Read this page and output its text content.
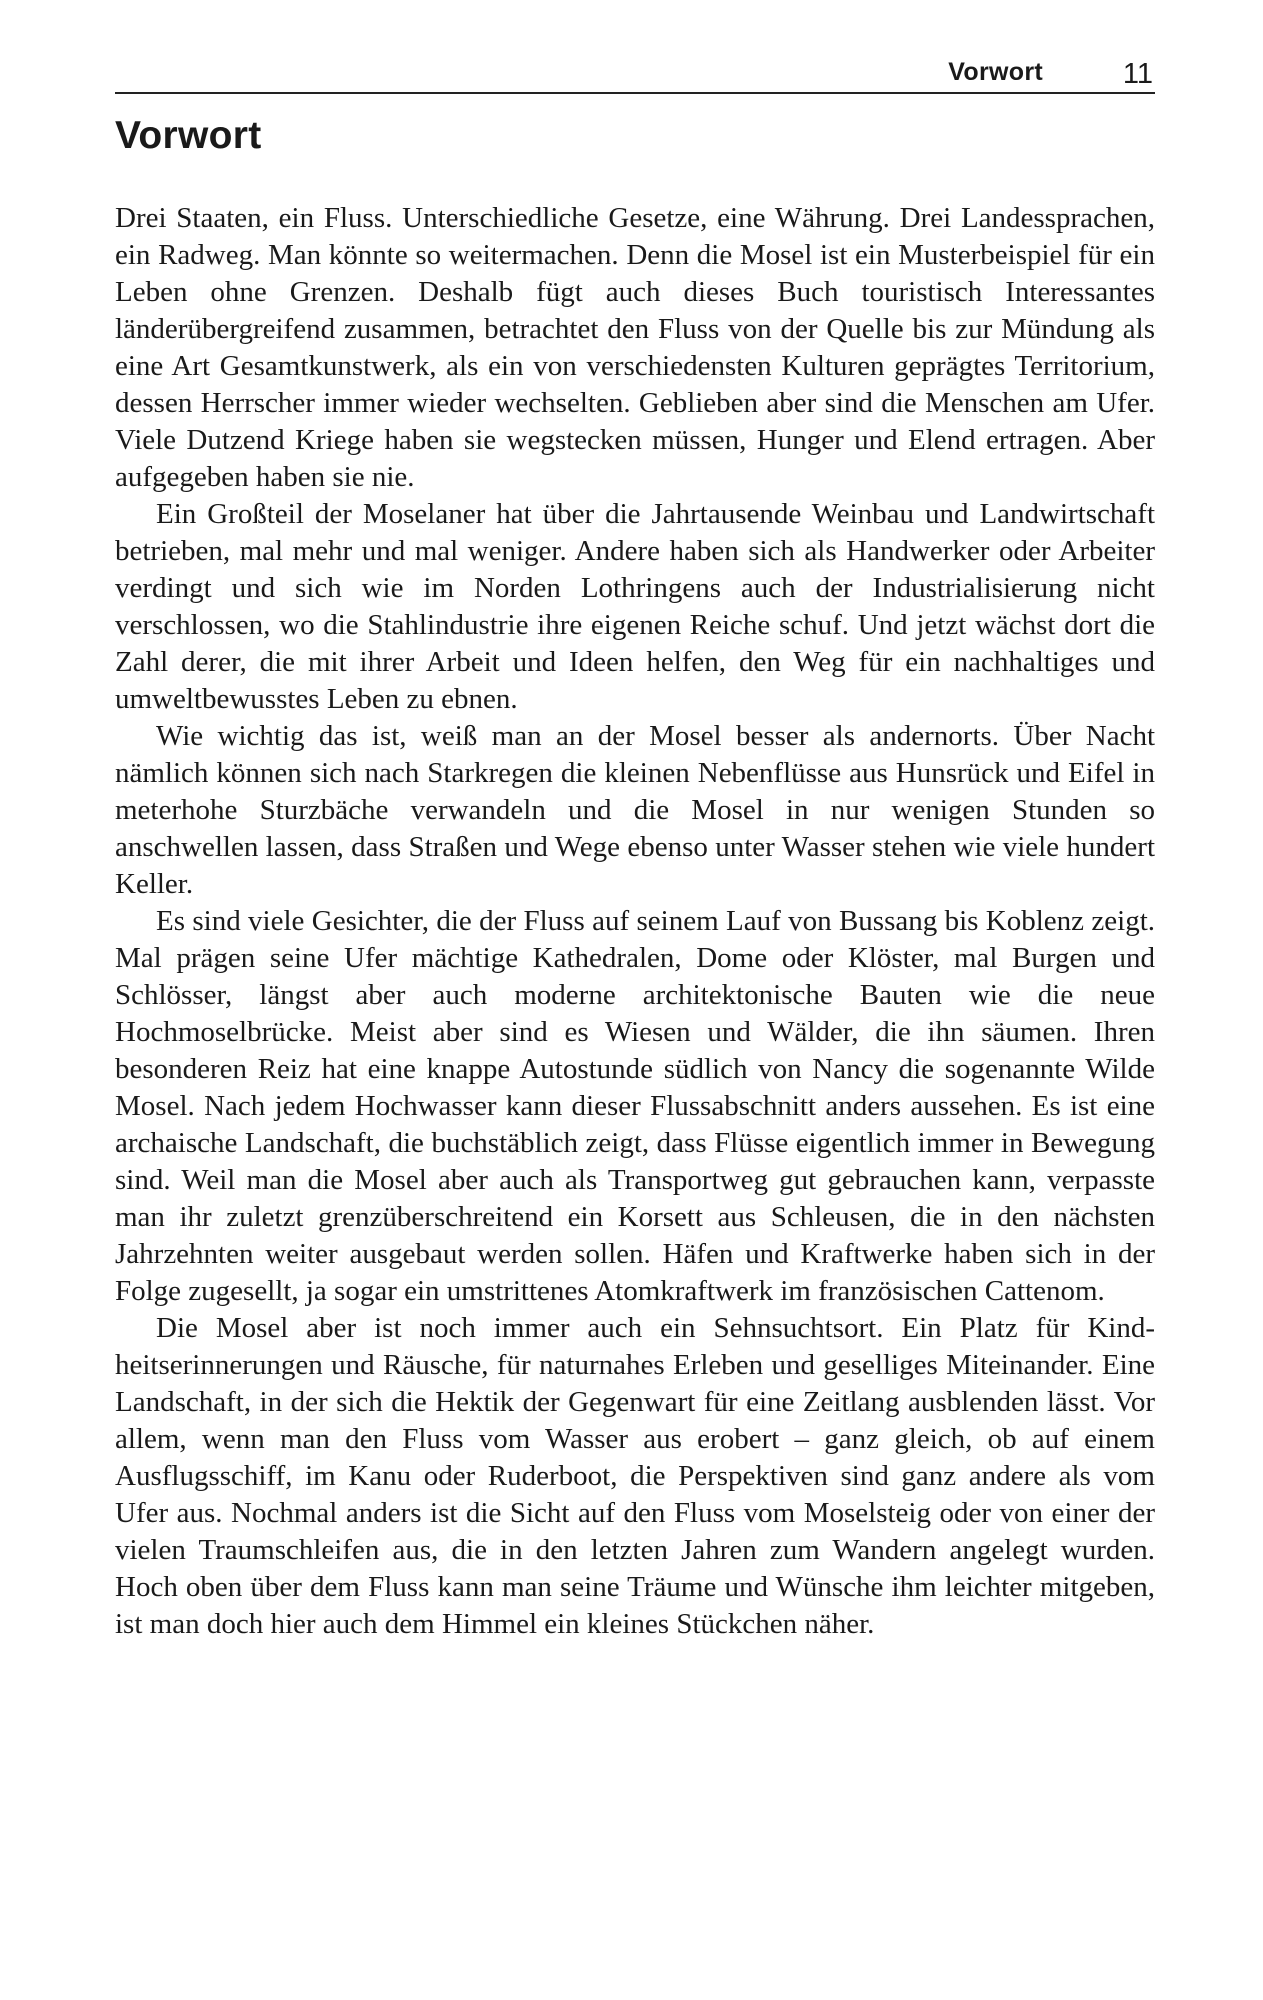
Vorwort	11
Vorwort

Drei Staaten, ein Fluss. Unterschiedliche Gesetze, eine Währung. Drei Landessprachen, ein Radweg. Man könnte so weitermachen. Denn die Mosel ist ein Musterbeispiel für ein Leben ohne Grenzen. Deshalb fügt auch dieses Buch touristisch Interessantes länderübergreifend zusammen, betrachtet den Fluss von der Quelle bis zur Mündung als eine Art Gesamtkunstwerk, als ein von verschiedensten Kulturen geprägtes Territorium, dessen Herrscher immer wieder wechselten. Geblieben aber sind die Menschen am Ufer. Viele Dutzend Kriege haben sie wegstecken müssen, Hunger und Elend ertragen. Aber aufgegeben haben sie nie.

Ein Großteil der Moselaner hat über die Jahrtausende Weinbau und Landwirtschaft betrieben, mal mehr und mal weniger. Andere haben sich als Handwerker oder Arbeiter verdingt und sich wie im Norden Lothringens auch der Industrialisierung nicht verschlossen, wo die Stahlindustrie ihre eigenen Reiche schuf. Und jetzt wächst dort die Zahl derer, die mit ihrer Arbeit und Ideen helfen, den Weg für ein nachhaltiges und umweltbewusstes Leben zu ebnen.

Wie wichtig das ist, weiß man an der Mosel besser als andernorts. Über Nacht nämlich können sich nach Starkregen die kleinen Nebenflüsse aus Hunsrück und Eifel in meterhohe Sturzbäche verwandeln und die Mosel in nur wenigen Stunden so anschwellen lassen, dass Straßen und Wege ebenso unter Wasser stehen wie viele hundert Keller.

Es sind viele Gesichter, die der Fluss auf seinem Lauf von Bussang bis Koblenz zeigt. Mal prägen seine Ufer mächtige Kathedralen, Dome oder Klöster, mal Burgen und Schlösser, längst aber auch moderne architektonische Bauten wie die neue Hochmoselbrücke. Meist aber sind es Wiesen und Wälder, die ihn säumen. Ihren besonderen Reiz hat eine knappe Autostunde südlich von Nancy die sogenannte Wilde Mosel. Nach jedem Hochwasser kann dieser Flussabschnitt anders aussehen. Es ist eine archaische Landschaft, die buchstäblich zeigt, dass Flüsse eigentlich immer in Bewegung sind. Weil man die Mosel aber auch als Transportweg gut gebrauchen kann, verpasste man ihr zuletzt grenzüberschreitend ein Korsett aus Schleusen, die in den nächsten Jahrzehnten weiter ausgebaut werden sollen. Häfen und Kraftwerke haben sich in der Folge zugesellt, ja sogar ein umstrittenes Atomkraftwerk im französischen Cattenom.

Die Mosel aber ist noch immer auch ein Sehnsuchtsort. Ein Platz für Kindheitserinnerungen und Räusche, für naturnahes Erleben und geselliges Miteinander. Eine Landschaft, in der sich die Hektik der Gegenwart für eine Zeitlang ausblenden lässt. Vor allem, wenn man den Fluss vom Wasser aus erobert – ganz gleich, ob auf einem Ausflugsschiff, im Kanu oder Ruderboot, die Perspektiven sind ganz andere als vom Ufer aus. Nochmal anders ist die Sicht auf den Fluss vom Moselsteig oder von einer der vielen Traumschleifen aus, die in den letzten Jahren zum Wandern angelegt wurden. Hoch oben über dem Fluss kann man seine Träume und Wünsche ihm leichter mitgeben, ist man doch hier auch dem Himmel ein kleines Stückchen näher.
